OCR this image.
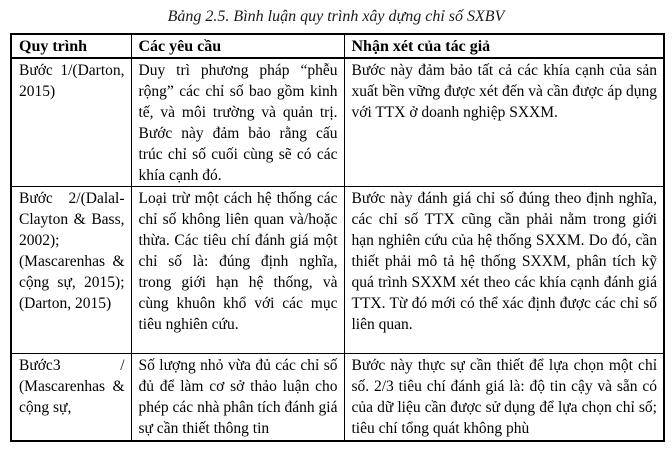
Bảng 2.5. Bình luận quy trình xây dựng chỉ số SXBV
Quy trình	Các yêu cầu	Nhận xét của tác giả
Bước 1/(Darton, 2015)	Duy trì phương pháp “phễu rộng” các chỉ số bao gồm kinh tế, và môi trường và quản trị. Bước này đảm bảo rằng cấu trúc chỉ số cuối cùng sẽ có các khía cạnh đó.	Bước này đảm bảo tất cả các khía cạnh của sản xuất bền vững được xét đến và cần được áp dụng với TTX ở doanh nghiệp SXXM.
Bước 2/(Dalal-Clayton & Bass, 2002); (Mascarenhas & cộng sự, 2015); (Darton, 2015)	Loại trừ một cách hệ thống các chỉ số không liên quan và/hoặc thừa. Các tiêu chí đánh giá một chỉ số là: đúng định nghĩa, trong giới hạn hệ thống, và cùng khuôn khổ với các mục tiêu nghiên cứu.	Bước này đánh giá chỉ số đúng theo định nghĩa, các chỉ số TTX cũng cần phải nằm trong giới hạn nghiên cứu của hệ thống SXXM. Do đó, cần thiết phải mô tả hệ thống SXXM, phân tích kỹ quá trình SXXM xét theo các khía cạnh đánh giá TTX. Từ đó mới có thể xác định được các chỉ số liên quan.
Bước3 / (Mascarenhas & cộng sự,	Số lượng nhỏ vừa đủ các chỉ số đủ để làm cơ sở thảo luận cho phép các nhà phân tích đánh giá sự cần thiết thông tin	Bước này thực sự cần thiết để lựa chọn một chỉ số. 2/3 tiêu chí đánh giá là: độ tin cậy và sẵn có của dữ liệu cần được sử dụng để lựa chọn chỉ số; tiêu chí tổng quát không phù
